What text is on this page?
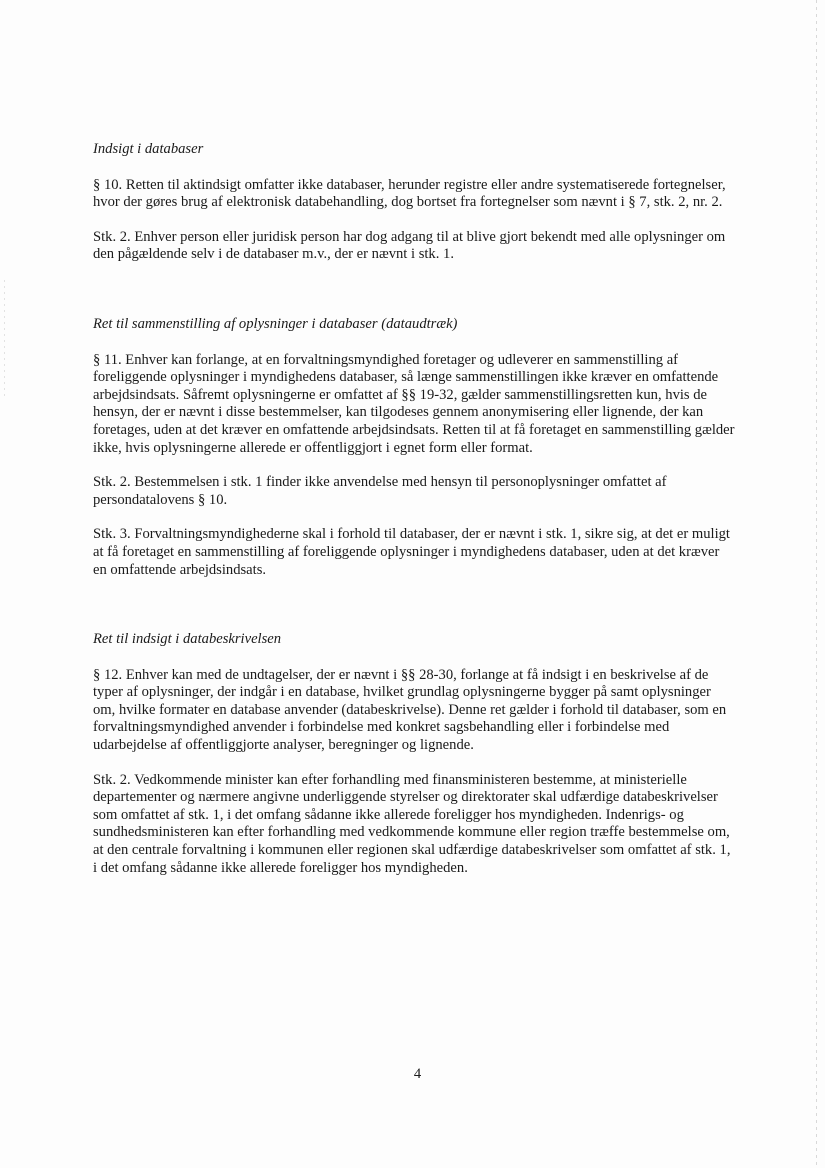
Indsigt i databaser

§ 10. Retten til aktindsigt omfatter ikke databaser, herunder registre eller andre systematiserede fortegnelser, hvor der gøres brug af elektronisk databehandling, dog bortset fra fortegnelser som nævnt i § 7, stk. 2, nr. 2.

Stk. 2. Enhver person eller juridisk person har dog adgang til at blive gjort bekendt med alle oplysninger om den pågældende selv i de databaser m.v., der er nævnt i stk. 1.

Ret til sammenstilling af oplysninger i databaser (dataudtræk)

§ 11. Enhver kan forlange, at en forvaltningsmyndighed foretager og udleverer en sammenstilling af foreliggende oplysninger i myndighedens databaser, så længe sammenstillingen ikke kræver en omfattende arbejdsindsats. Såfremt oplysningerne er omfattet af §§ 19-32, gælder sammenstillingsretten kun, hvis de hensyn, der er nævnt i disse bestemmelser, kan tilgodeses gennem anonymisering eller lignende, der kan foretages, uden at det kræver en omfattende arbejdsindsats. Retten til at få foretaget en sammenstilling gælder ikke, hvis oplysningerne allerede er offentliggjort i egnet form eller format.

Stk. 2. Bestemmelsen i stk. 1 finder ikke anvendelse med hensyn til personoplysninger omfattet af persondatalovens § 10.

Stk. 3. Forvaltningsmyndighederne skal i forhold til databaser, der er nævnt i stk. 1, sikre sig, at det er muligt at få foretaget en sammenstilling af foreliggende oplysninger i myndighedens databaser, uden at det kræver en omfattende arbejdsindsats.

Ret til indsigt i databeskrivelsen

§ 12. Enhver kan med de undtagelser, der er nævnt i §§ 28-30, forlange at få indsigt i en beskrivelse af de typer af oplysninger, der indgår i en database, hvilket grundlag oplysningerne bygger på samt oplysninger om, hvilke formater en database anvender (databeskrivelse). Denne ret gælder i forhold til databaser, som en forvaltningsmyndighed anvender i forbindelse med konkret sagsbehandling eller i forbindelse med udarbejdelse af offentliggjorte analyser, beregninger og lignende.

Stk. 2. Vedkommende minister kan efter forhandling med finansministeren bestemme, at ministerielle departementer og nærmere angivne underliggende styrelser og direktorater skal udfærdige databeskrivelser som omfattet af stk. 1, i det omfang sådanne ikke allerede foreligger hos myndigheden. Indenrigs- og sundhedsministeren kan efter forhandling med vedkommende kommune eller region træffe bestemmelse om, at den centrale forvaltning i kommunen eller regionen skal udfærdige databeskrivelser som omfattet af stk. 1, i det omfang sådanne ikke allerede foreligger hos myndigheden.

4
